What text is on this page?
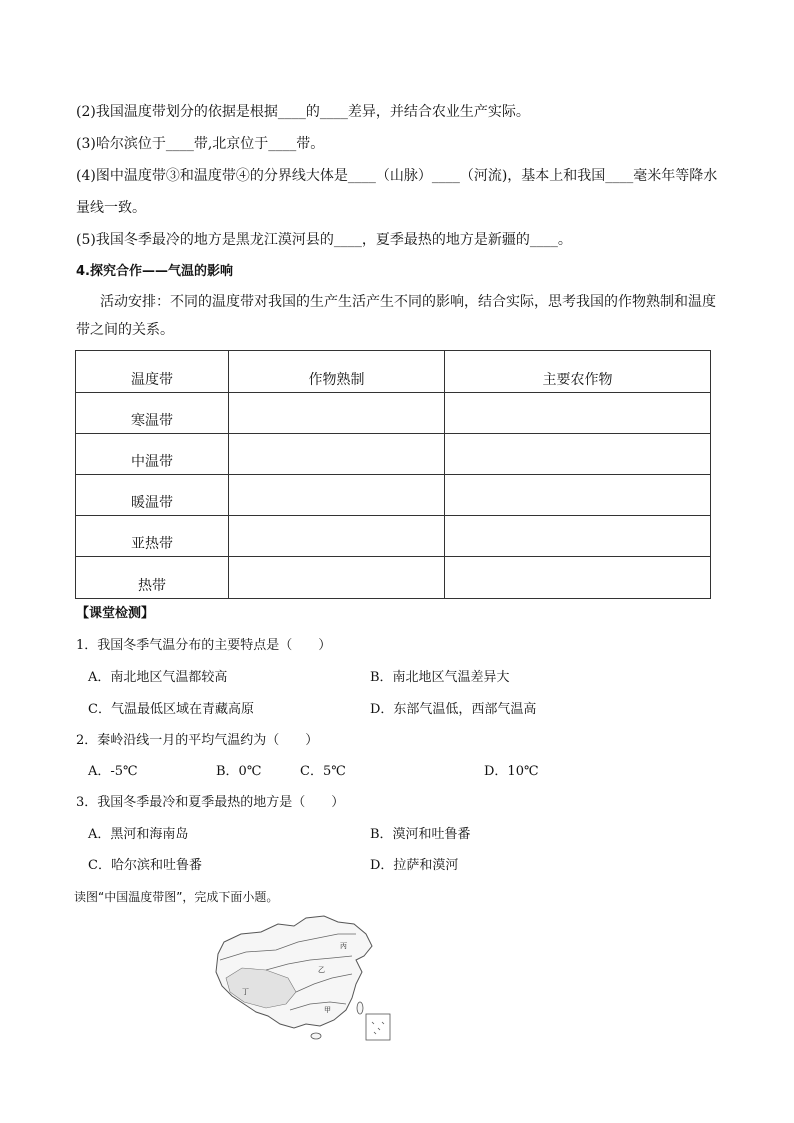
(2)我国温度带划分的依据是根据____的____差异，并结合农业生产实际。
(3)哈尔滨位于____带,北京位于____带。
(4)图中温度带③和温度带④的分界线大体是____（山脉）____（河流)，基本上和我国____毫米年等降水
量线一致。
(5)我国冬季最冷的地方是黑龙江漠河县的____，夏季最热的地方是新疆的____。
4.探究合作——气温的影响
活动安排：不同的温度带对我国的生产生活产生不同的影响，结合实际，思考我国的作物熟制和温度
带之间的关系。
温度带	作物熟制	主要农作物
寒温带		
中温带		
暖温带		
亚热带		
热带		
【课堂检测】
1．我国冬季气温分布的主要特点是（　　）
A．南北地区气温都较高	B．南北地区气温差异大
C．气温最低区域在青藏高原	D．东部气温低，西部气温高
2．秦岭沿线一月的平均气温约为（　　）
A．-5℃	B．0℃	C．5℃	D．10℃
3．我国冬季最冷和夏季最热的地方是（　　）
A．黑河和海南岛	B．漠河和吐鲁番
C．哈尔滨和吐鲁番	D．拉萨和漠河
读图“中国温度带图”，完成下面小题。
丙
乙
丁
甲
